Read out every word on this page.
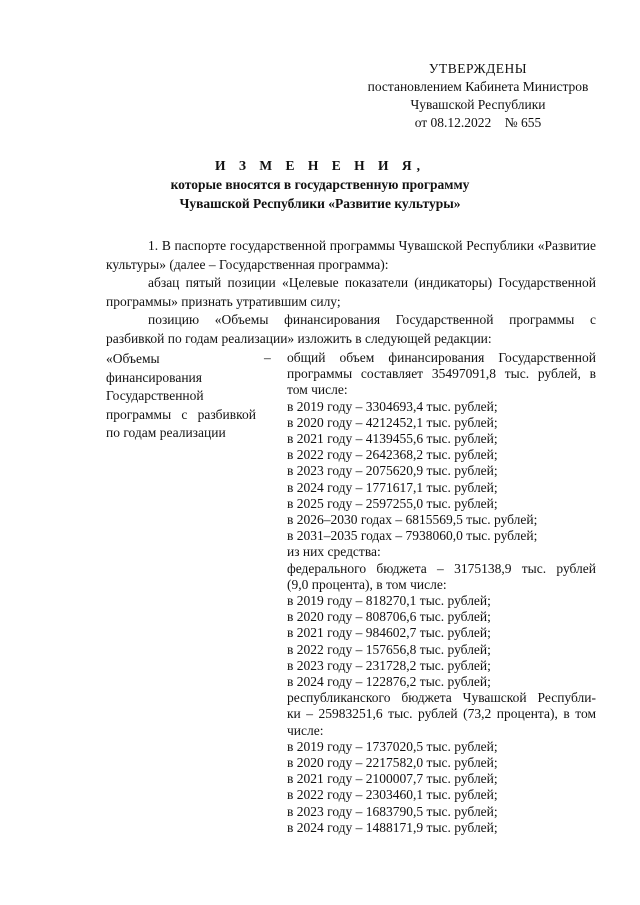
УТВЕРЖДЕНЫ
постановлением Кабинета Министров
Чувашской Республики
от 08.12.2022    № 655
И З М Е Н Е Н И Я,
которые вносятся в государственную программу
Чувашской Республики «Развитие культуры»

1. В паспорте государственной программы Чувашской Республики «Развитие культуры» (далее – Государственная программа):

абзац пятый позиции «Целевые показатели (индикаторы) Государственной программы» признать утратившим силу;

позицию «Объемы финансирования Государственной программы с разбивкой по годам реализации» изложить в следующей редакции:

«Объемы финансирования Государственной программы с разбивкой по годам реализации
– общий объем финансирования Государственной
программы составляет 35497091,8 тыс. рублей, в
том числе:
в 2019 году – 3304693,4 тыс. рублей;
в 2020 году – 4212452,1 тыс. рублей;
в 2021 году – 4139455,6 тыс. рублей;
в 2022 году – 2642368,2 тыс. рублей;
в 2023 году – 2075620,9 тыс. рублей;
в 2024 году – 1771617,1 тыс. рублей;
в 2025 году – 2597255,0 тыс. рублей;
в 2026–2030 годах – 6815569,5 тыс. рублей;
в 2031–2035 годах – 7938060,0 тыс. рублей;
из них средства:
федерального бюджета – 3175138,9 тыс. рублей
(9,0 процента), в том числе:
в 2019 году – 818270,1 тыс. рублей;
в 2020 году – 808706,6 тыс. рублей;
в 2021 году – 984602,7 тыс. рублей;
в 2022 году – 157656,8 тыс. рублей;
в 2023 году – 231728,2 тыс. рублей;
в 2024 году – 122876,2 тыс. рублей;
республиканского бюджета Чувашской Республи-
ки – 25983251,6 тыс. рублей (73,2 процента), в том
числе:
в 2019 году – 1737020,5 тыс. рублей;
в 2020 году – 2217582,0 тыс. рублей;
в 2021 году – 2100007,7 тыс. рублей;
в 2022 году – 2303460,1 тыс. рублей;
в 2023 году – 1683790,5 тыс. рублей;
в 2024 году – 1488171,9 тыс. рублей;
